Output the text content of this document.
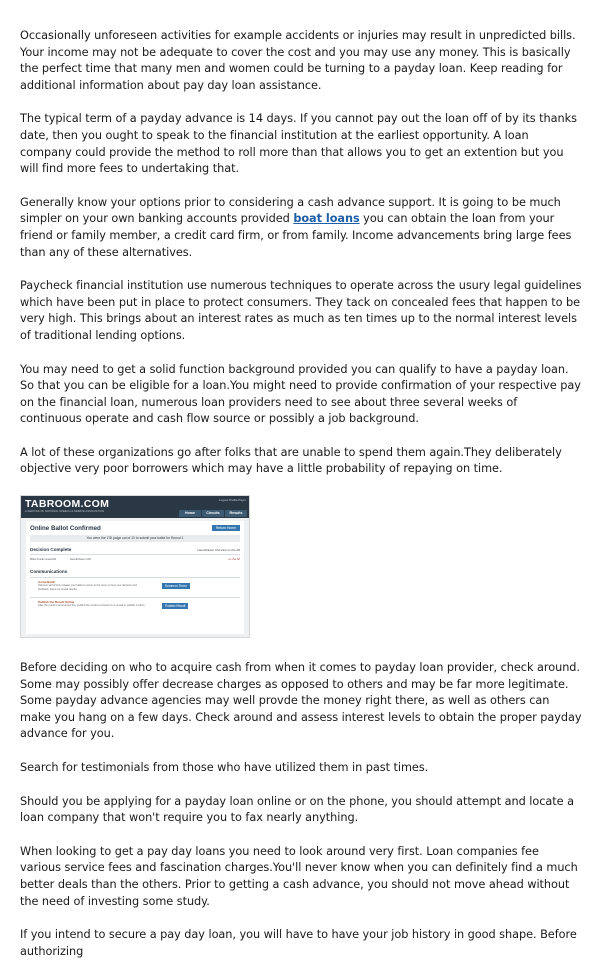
Occasionally unforeseen activities for example accidents or injuries may result in unpredicted bills. Your income may not be adequate to cover the cost and you may use any money. This is basically the perfect time that many men and women could be turning to a payday loan. Keep reading for additional information about pay day loan assistance.

The typical term of a payday advance is 14 days. If you cannot pay out the loan off of by its thanks date, then you ought to speak to the financial institution at the earliest opportunity. A loan company could provide the method to roll more than that allows you to get an extention but you will find more fees to undertaking that.

Generally know your options prior to considering a cash advance support. It is going to be much simpler on your own banking accounts provided boat loans you can obtain the loan from your friend or family member, a credit card firm, or from family. Income advancements bring large fees than any of these alternatives.

Paycheck financial institution use numerous techniques to operate across the usury legal guidelines which have been put in place to protect consumers. They tack on concealed fees that happen to be very high. This brings about an interest rates as much as ten times up to the normal interest levels of traditional lending options.

You may need to get a solid function background provided you can qualify to have a payday loan. So that you can be eligible for a loan.You might need to provide confirmation of your respective pay on the financial loan, numerous loan providers need to see about three several weeks of continuous operate and cash flow source or possibly a job background.

A lot of these organizations go after folks that are unable to spend them again.They deliberately objective very poor borrowers which may have a little probability of repaying on time.

TABROOM.COM
A SERVICE OF NATIONAL SPEECH & DEBATE ASSOCIATION
Logout Profile Paym
Home	Circuits	Results
Online Ballot Confirmed	Return Home
You were the 1'St judge out of 10 to submit your ballot for Round 1
Decision Complete	Hendrickson CM wins on the Aff
Mike Frank Lewis Rd	Hendrickson CM	on the Aff
Communications
Come Back!
Tabroom will shortly release your ballot to return to the room to hear your decision and feedback. Does not reveal results.
Summon Them
Publish the Result Online
After the result is announced live, publish the result to entrants if no reveal or publish it online.	Publish Result

Before deciding on who to acquire cash from when it comes to payday loan provider, check around. Some may possibly offer decrease charges as opposed to others and may be far more legitimate. Some payday advance agencies may well provde the money right there, as well as others can make you hang on a few days. Check around and assess interest levels to obtain the proper payday advance for you.

Search for testimonials from those who have utilized them in past times.

Should you be applying for a payday loan online or on the phone, you should attempt and locate a loan company that won't require you to fax nearly anything.

When looking to get a pay day loans you need to look around very first. Loan companies fee various service fees and fascination charges.You'll never know when you can definitely find a much better deals than the others. Prior to getting a cash advance, you should not move ahead without the need of investing some study.

If you intend to secure a pay day loan, you will have to have your job history in good shape. Before authorizing
